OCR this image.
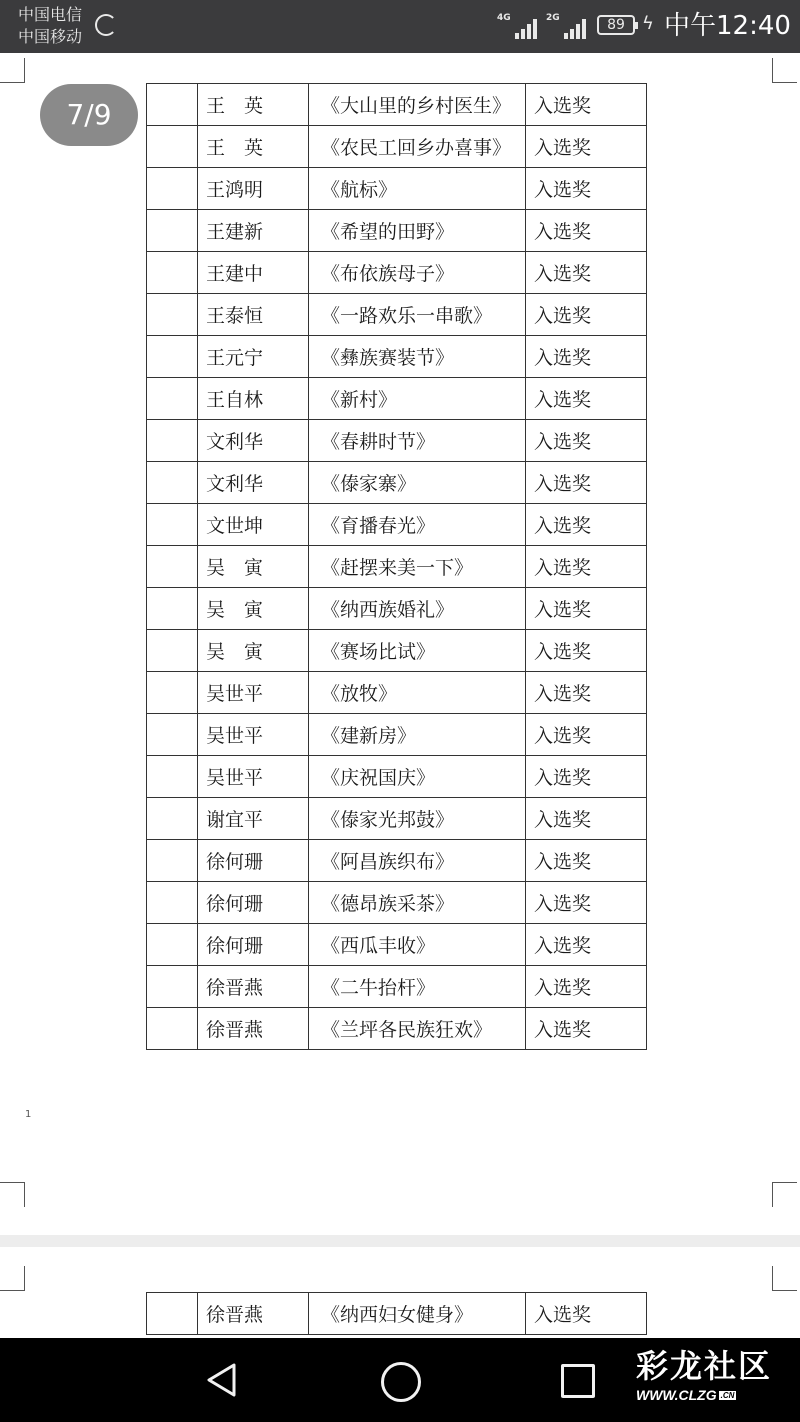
中国电信
中国移动
4G	2G	89 ϟ 中午12:40
	王　英	《大山里的乡村医生》	入选奖
	王　英	《农民工回乡办喜事》	入选奖
	王鸿明	《航标》	入选奖
	王建新	《希望的田野》	入选奖
	王建中	《布依族母子》	入选奖
	王泰恒	《一路欢乐一串歌》	入选奖
	王元宁	《彝族赛装节》	入选奖
	王自林	《新村》	入选奖
	文利华	《春耕时节》	入选奖
	文利华	《傣家寨》	入选奖
	文世坤	《育播春光》	入选奖
	吴　寅	《赶摆来美一下》	入选奖
	吴　寅	《纳西族婚礼》	入选奖
	吴　寅	《赛场比试》	入选奖
	吴世平	《放牧》	入选奖
	吴世平	《建新房》	入选奖
	吴世平	《庆祝国庆》	入选奖
	谢宜平	《傣家光邦鼓》	入选奖
	徐何珊	《阿昌族织布》	入选奖
	徐何珊	《德昂族采茶》	入选奖
	徐何珊	《西瓜丰收》	入选奖
	徐晋燕	《二牛抬杆》	入选奖
	徐晋燕	《兰坪各民族狂欢》	入选奖
1
	徐晋燕	《纳西妇女健身》	入选奖
7/9
彩龙社区
WWW.CLZG .CN
